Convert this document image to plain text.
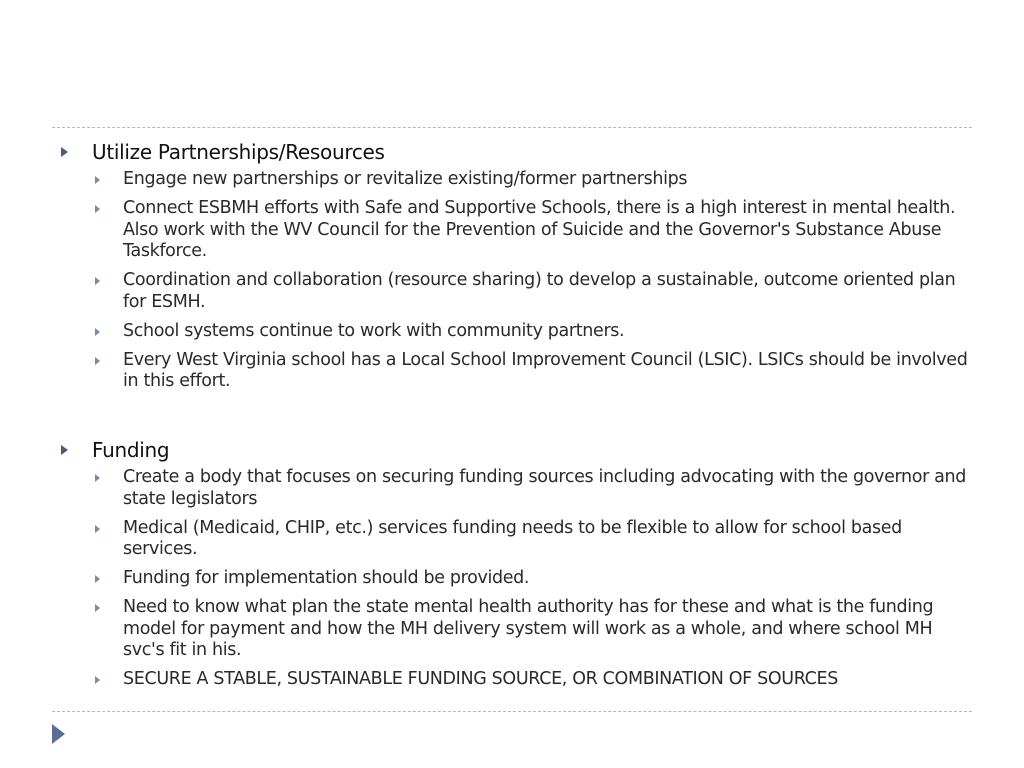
Utilize Partnerships/Resources
Engage new partnerships or revitalize existing/former partnerships
Connect ESBMH efforts with Safe and Supportive Schools, there is a high interest in mental health. Also work with the WV Council for the Prevention of Suicide and the Governor's Substance Abuse Taskforce.
Coordination and collaboration (resource sharing) to develop a sustainable, outcome oriented plan for ESMH.
School systems continue to work with community partners.
Every West Virginia school has a Local School Improvement Council (LSIC). LSICs should be involved in this effort.
Funding
Create a body that focuses on securing funding sources including advocating with the governor and state legislators
Medical (Medicaid, CHIP, etc.) services funding needs to be flexible to allow for school based services.
Funding for implementation should be provided.
Need to know what plan the state mental health authority has for these and what is the funding model for payment and how the MH delivery system will work as a whole, and where school MH svc's fit in his.
SECURE A STABLE, SUSTAINABLE FUNDING SOURCE, OR COMBINATION OF SOURCES
